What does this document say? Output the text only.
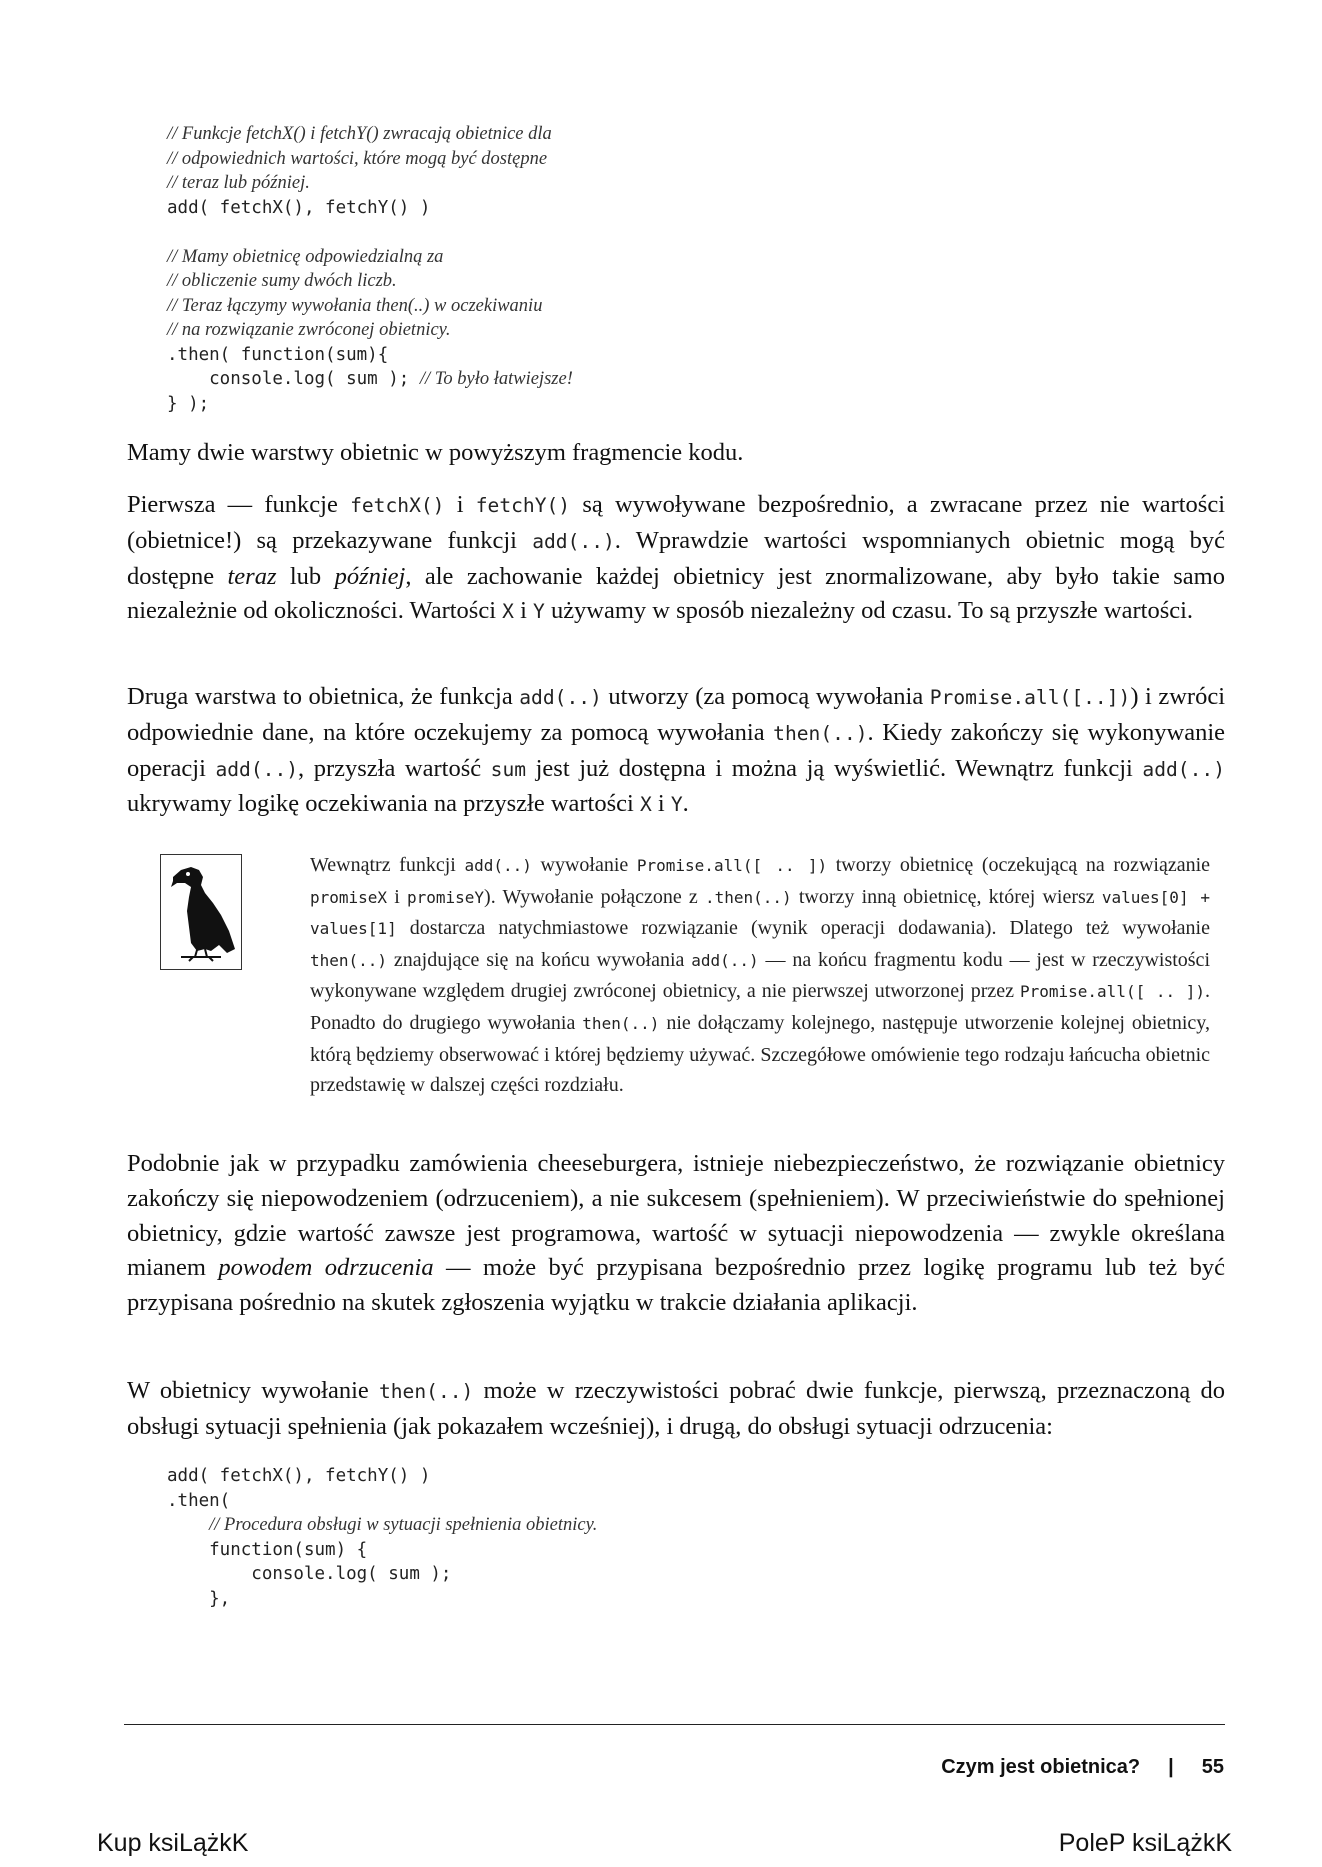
// Funkcje fetchX() i fetchY() zwracają obietnice dla
// odpowiednich wartości, które mogą być dostępne
// teraz lub później.
add( fetchX(), fetchY() )
// Mamy obietnicę odpowiedzialną za
// obliczenie sumy dwóch liczb.
// Teraz łączymy wywołania then(..) w oczekiwaniu
// na rozwiązanie zwróconej obietnicy.
.then( function(sum){
console.log( sum ); // To było łatwiejsze!
} );

Mamy dwie warstwy obietnic w powyższym fragmencie kodu.

Pierwsza — funkcje fetchX() i fetchY() są wywoływane bezpośrednio, a zwracane przez nie wartości (obietnice!) są przekazywane funkcji add(..). Wprawdzie wartości wspomnianych obietnic mogą być dostępne teraz lub później, ale zachowanie każdej obietnicy jest znormalizowane, aby było takie samo niezależnie od okoliczności. Wartości X i Y używamy w sposób niezależny od czasu. To są przyszłe wartości.

Druga warstwa to obietnica, że funkcja add(..) utworzy (za pomocą wywołania Promise.all([..])) i zwróci odpowiednie dane, na które oczekujemy za pomocą wywołania then(..). Kiedy zakończy się wykonywanie operacji add(..), przyszła wartość sum jest już dostępna i można ją wyświetlić. Wewnątrz funkcji add(..) ukrywamy logikę oczekiwania na przyszłe wartości X i Y.

Wewnątrz funkcji add(..) wywołanie Promise.all([ .. ]) tworzy obietnicę (oczekującą na rozwiązanie promiseX i promiseY). Wywołanie połączone z .then(..) tworzy inną obietnicę, której wiersz values[0] + values[1] dostarcza natychmiastowe rozwiązanie (wynik operacji dodawania). Dlatego też wywołanie then(..) znajdujące się na końcu wywołania add(..) — na końcu fragmentu kodu — jest w rzeczywistości wykonywane względem drugiej zwróconej obietnicy, a nie pierwszej utworzonej przez Promise.all([ .. ]). Ponadto do drugiego wywołania then(..) nie dołączamy kolejnego, następuje utworzenie kolejnej obietnicy, którą będziemy obserwować i której będziemy używać. Szczegółowe omówienie tego rodzaju łańcucha obietnic przedstawię w dalszej części rozdziału.

Podobnie jak w przypadku zamówienia cheeseburgera, istnieje niebezpieczeństwo, że rozwiązanie obietnicy zakończy się niepowodzeniem (odrzuceniem), a nie sukcesem (spełnieniem). W przeciwieństwie do spełnionej obietnicy, gdzie wartość zawsze jest programowa, wartość w sytuacji niepowodzenia — zwykle określana mianem powodem odrzucenia — może być przypisana bezpośrednio przez logikę programu lub też być przypisana pośrednio na skutek zgłoszenia wyjątku w trakcie działania aplikacji.

W obietnicy wywołanie then(..) może w rzeczywistości pobrać dwie funkcje, pierwszą, przeznaczoną do obsługi sytuacji spełnienia (jak pokazałem wcześniej), i drugą, do obsługi sytuacji odrzucenia:

add( fetchX(), fetchY() )
.then(
// Procedura obsługi w sytuacji spełnienia obietnicy.
function(sum) {
console.log( sum );
},
Czym jest obietnica? | 55
Kup ksiLążkK	PoleP ksiLążkK
